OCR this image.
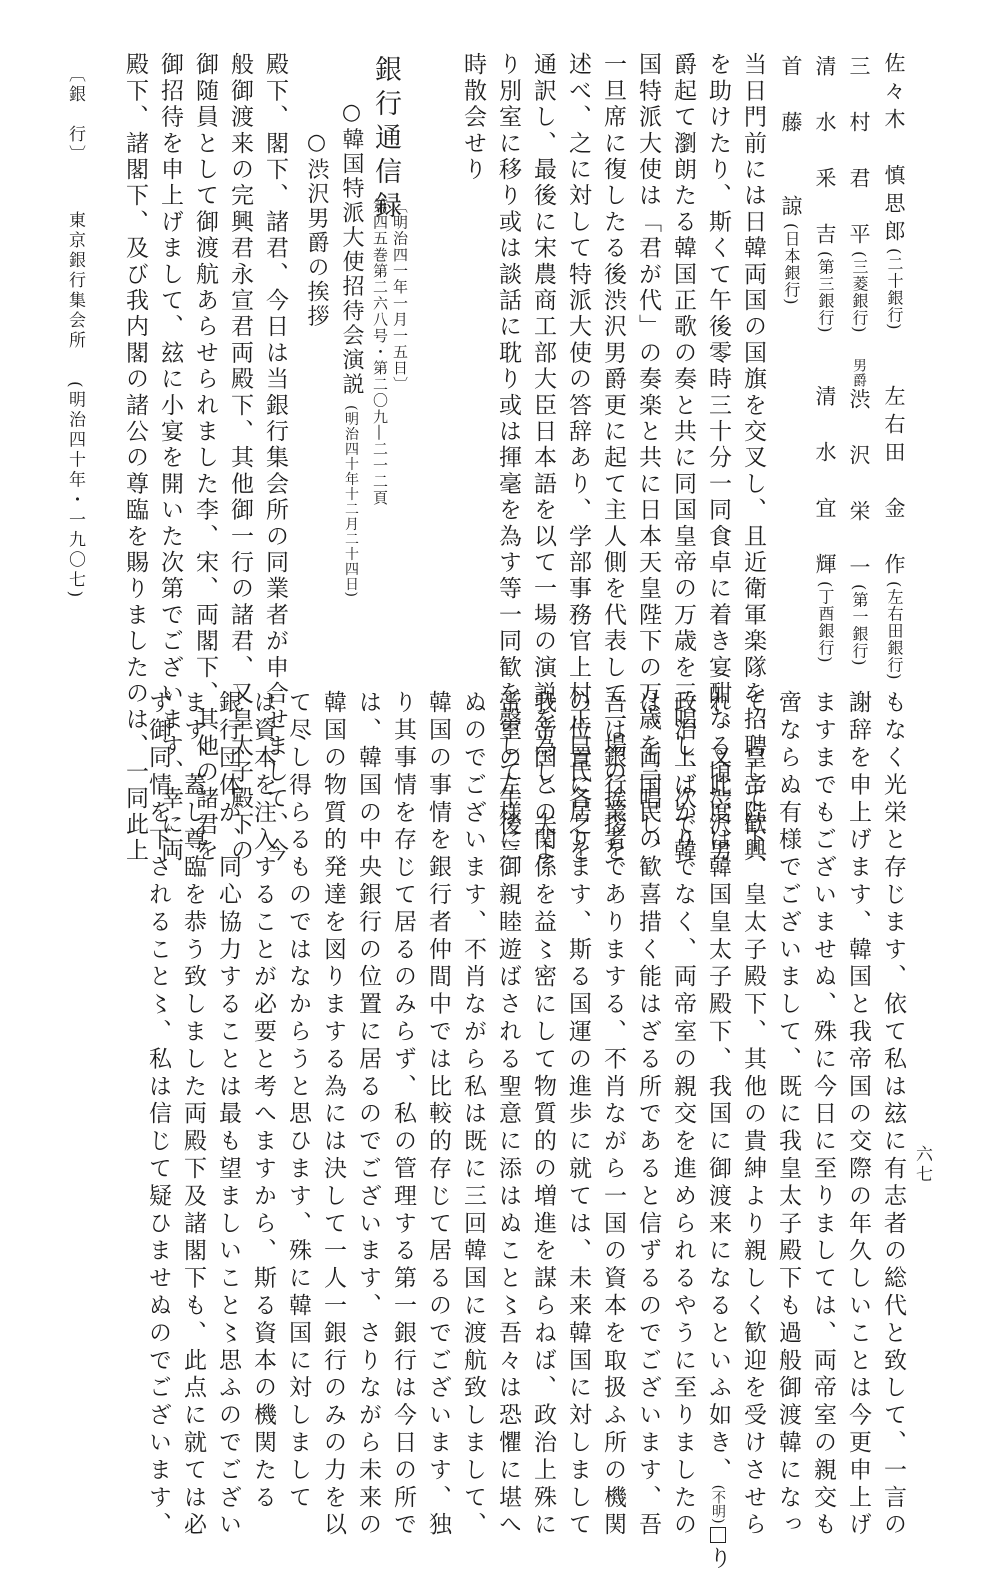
佐々木　慎思郎(二十銀行)
三　村　君　平(三菱銀行)
清　水　釆　吉(第三銀行)
首　藤　　諒(日本銀行)
左右田　金　作(左右田銀行)
男爵渋　沢　栄　一(第一銀行)
清　水　宜　輝(丁酉銀行)
当日門前には日韓両国の国旗を交叉し、且近衛軍楽隊を招聘して歓興
を助けたり、斯くて午後零時三十分一同食卓に着き宴酣なる頃渋沢男
爵起て瀏朗たる韓国正歌の奏と共に同国皇帝の万歳を三唱し、次で韓
国特派大使は「君が代」の奏楽と共に日本天皇陛下の万歳を三唱し、
一旦席に復したる後渋沢男爵更に起て主人側を代表して一場の挨拶を
述べ、之に対して特派大使の答辞あり、学部事務官上村正巳氏各之を
通訳し、最後に宋農商工部大臣日本語を以て一場の演説を為し、夫よ
り別室に移り或は談話に耽り或は揮毫を為す等一同歓を罄して午後三
時散会せり
銀行通信録
第四五巻第二六八号・第二〇九―二一二頁 〔明治四一年一月一五日〕
○韓国特派大使招待会演説(明治四十年十二月二十四日)
○渋沢男爵の挨拶
殿下、閣下、諸君、今日は当銀行集会所の同業者が申合せまして、今
般御渡来の完興君永宣君両殿下、其他御一行の諸君、又皇太子殿下の
御随員として御渡航あらせられました李、宋、両閣下、其他の諸君を
御招待を申上げまして、玆に小宴を開いた次第でございます、幸に両
殿下、諸閣下、及び我内閣の諸公の尊臨を賜りましたのは、一同此上
〔銀　行〕東京銀行集会所(明治四十年・一九〇七)
もなく光栄と存じます、依て私は玆に有志者の総代と致して、一言の
謝辞を申上げます、韓国と我帝国の交際の年久しいことは今更申上げ
ますまでもございませぬ、殊に今日に至りましては、両帝室の親交も
啻ならぬ有様でございまして、既に我皇太子殿下も過般御渡韓になっ
て、皇帝陛下、皇太子殿下、其他の貴紳より親しく歓迎を受けさせら
れ、又此度は韓国皇太子殿下、我国に御渡来になるといふ如き、(不明)り
政治上ばかりでなく、両帝室の親交を進められるやうに至りましたの
は、両国民の歓喜措く能はざる所であると信ずるのでございます、吾
吾は銀行業者でありまする、不肖ながら一国の資本を取扱ふ所の機関
の位置に居ります、斯る国運の進歩に就ては、未来韓国に対しまして
我帝国との関係を益〻密にして物質的の増進を謀らねば、政治上殊に
帝室の左様に御親睦遊ばされる聖意に添はぬこと〻吾々は恐懼に堪へ
ぬのでございます、不肖ながら私は既に三回韓国に渡航致しまして、
韓国の事情を銀行者仲間中では比較的存じて居るのでございます、独
り其事情を存じて居るのみらず、私の管理する第一銀行は今日の所で
は、韓国の中央銀行の位置に居るのでございます、さりながら未来の
韓国の物質的発達を図りまする為には決して一人一銀行のみの力を以
て尽し得らるものではなからうと思ひます、殊に韓国に対しまして
は資本を注入することが必要と考へますから、斯る資本の機関たる
銀行団体が、同心協力することは最も望ましいこと〻思ふのでござい
ます、蓋し尊臨を恭う致しました両殿下及諸閣下も、此点に就ては必
ず御同情を下されること〻、私は信じて疑ひませぬのでございます、	六七
